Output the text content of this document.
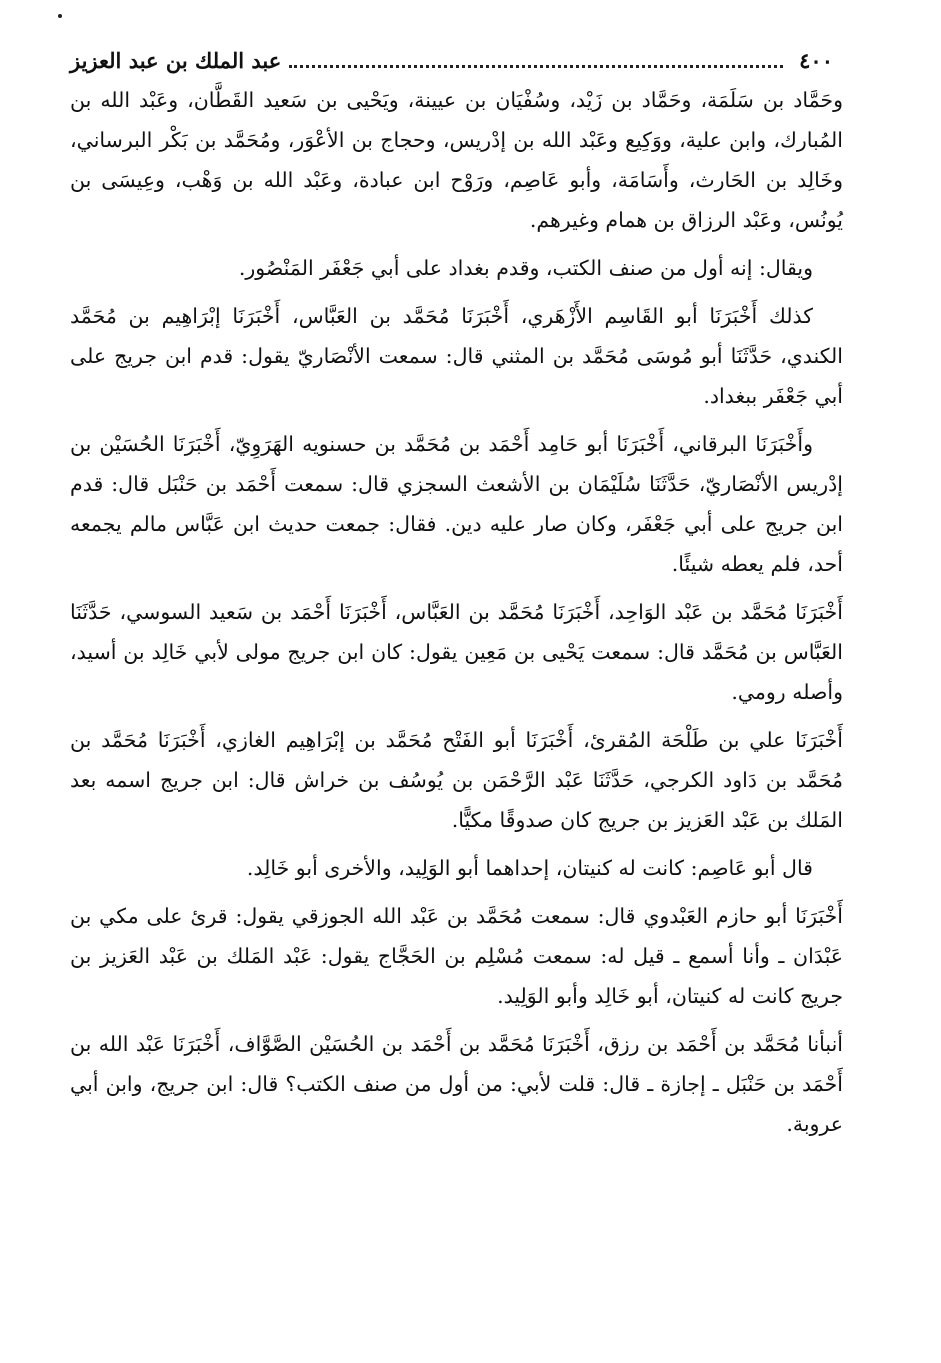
٤٠٠
عبد الملك بن عبد العزيز

وحَمَّاد بن سَلَمَة، وحَمَّاد بن زَيْد، وسُفْيَان بن عيينة، ويَحْيى بن سَعيد القَطَّان، وعَبْد الله بن المُبارك، وابن علية، ووَكِيع وعَبْد الله بن إدْريس، وحجاج بن الأعْوَر، ومُحَمَّد بن بَكْر البرساني، وخَالِد بن الحَارث، وأَسَامَة، وأبو عَاصِم، ورَوْح ابن عبادة، وعَبْد الله بن وَهْب، وعِيسَى بن يُونُس، وعَبْد الرزاق بن همام وغيرهم.

ويقال: إنه أول من صنف الكتب، وقدم بغداد على أبي جَعْفَر المَنْصُور.

كذلك أَخْبَرَنَا أبو القَاسِم الأَزْهَري، أَخْبَرَنَا مُحَمَّد بن العَبَّاس، أَخْبَرَنَا إبْرَاهِيم بن مُحَمَّد الكندي، حَدَّثَنَا أبو مُوسَى مُحَمَّد بن المثني قال: سمعت الأنْصَاريّ يقول: قدم ابن جريج على أبي جَعْفَر ببغداد.

وأَخْبَرَنَا البرقاني، أَخْبَرَنَا أبو حَامِد أَحْمَد بن مُحَمَّد بن حسنويه الهَرَوِيّ، أَخْبَرَنَا الحُسَيْن بن إدْريس الأنْصَاريّ، حَدَّثَنَا سُلَيْمَان بن الأشعث السجزي قال: سمعت أَحْمَد بن حَنْبَل قال: قدم ابن جريج على أبي جَعْفَر، وكان صار عليه دين. فقال: جمعت حديث ابن عَبَّاس مالم يجمعه أحد، فلم يعطه شيئًا.

أَخْبَرَنَا مُحَمَّد بن عَبْد الوَاحِد، أَخْبَرَنَا مُحَمَّد بن العَبَّاس، أَخْبَرَنَا أَحْمَد بن سَعيد السوسي، حَدَّثَنَا العَبَّاس بن مُحَمَّد قال: سمعت يَحْيى بن مَعِين يقول: كان ابن جريج مولى لأبي خَالِد بن أسيد، وأصله رومي.

أَخْبَرَنَا علي بن طَلْحَة المُقرئ، أَخْبَرَنَا أبو الفَتْح مُحَمَّد بن إبْرَاهِيم الغازي، أَخْبَرَنَا مُحَمَّد بن مُحَمَّد بن دَاود الكرجي، حَدَّثَنَا عَبْد الرَّحْمَن بن يُوسُف بن خراش قال: ابن جريج اسمه بعد المَلك بن عَبْد العَزيز بن جريج كان صدوقًا مكيًّا.

قال أبو عَاصِم: كانت له كنيتان، إحداهما أبو الوَلِيد، والأخرى أبو خَالِد.

أَخْبَرَنَا أبو حازم العَبْدوي قال: سمعت مُحَمَّد بن عَبْد الله الجوزقي يقول: قرئ على مكي بن عَبْدَان ـ وأنا أسمع ـ قيل له: سمعت مُسْلِم بن الحَجَّاج يقول: عَبْد المَلك بن عَبْد العَزيز بن جريج كانت له كنيتان، أبو خَالِد وأبو الوَلِيد.

أنبأنا مُحَمَّد بن أَحْمَد بن رزق، أَخْبَرَنَا مُحَمَّد بن أَحْمَد بن الحُسَيْن الصَّوَّاف، أَخْبَرَنَا عَبْد الله بن أَحْمَد بن حَنْبَل ـ إجازة ـ قال: قلت لأبي: من أول من صنف الكتب؟ قال: ابن جريج، وابن أبي عروبة.
